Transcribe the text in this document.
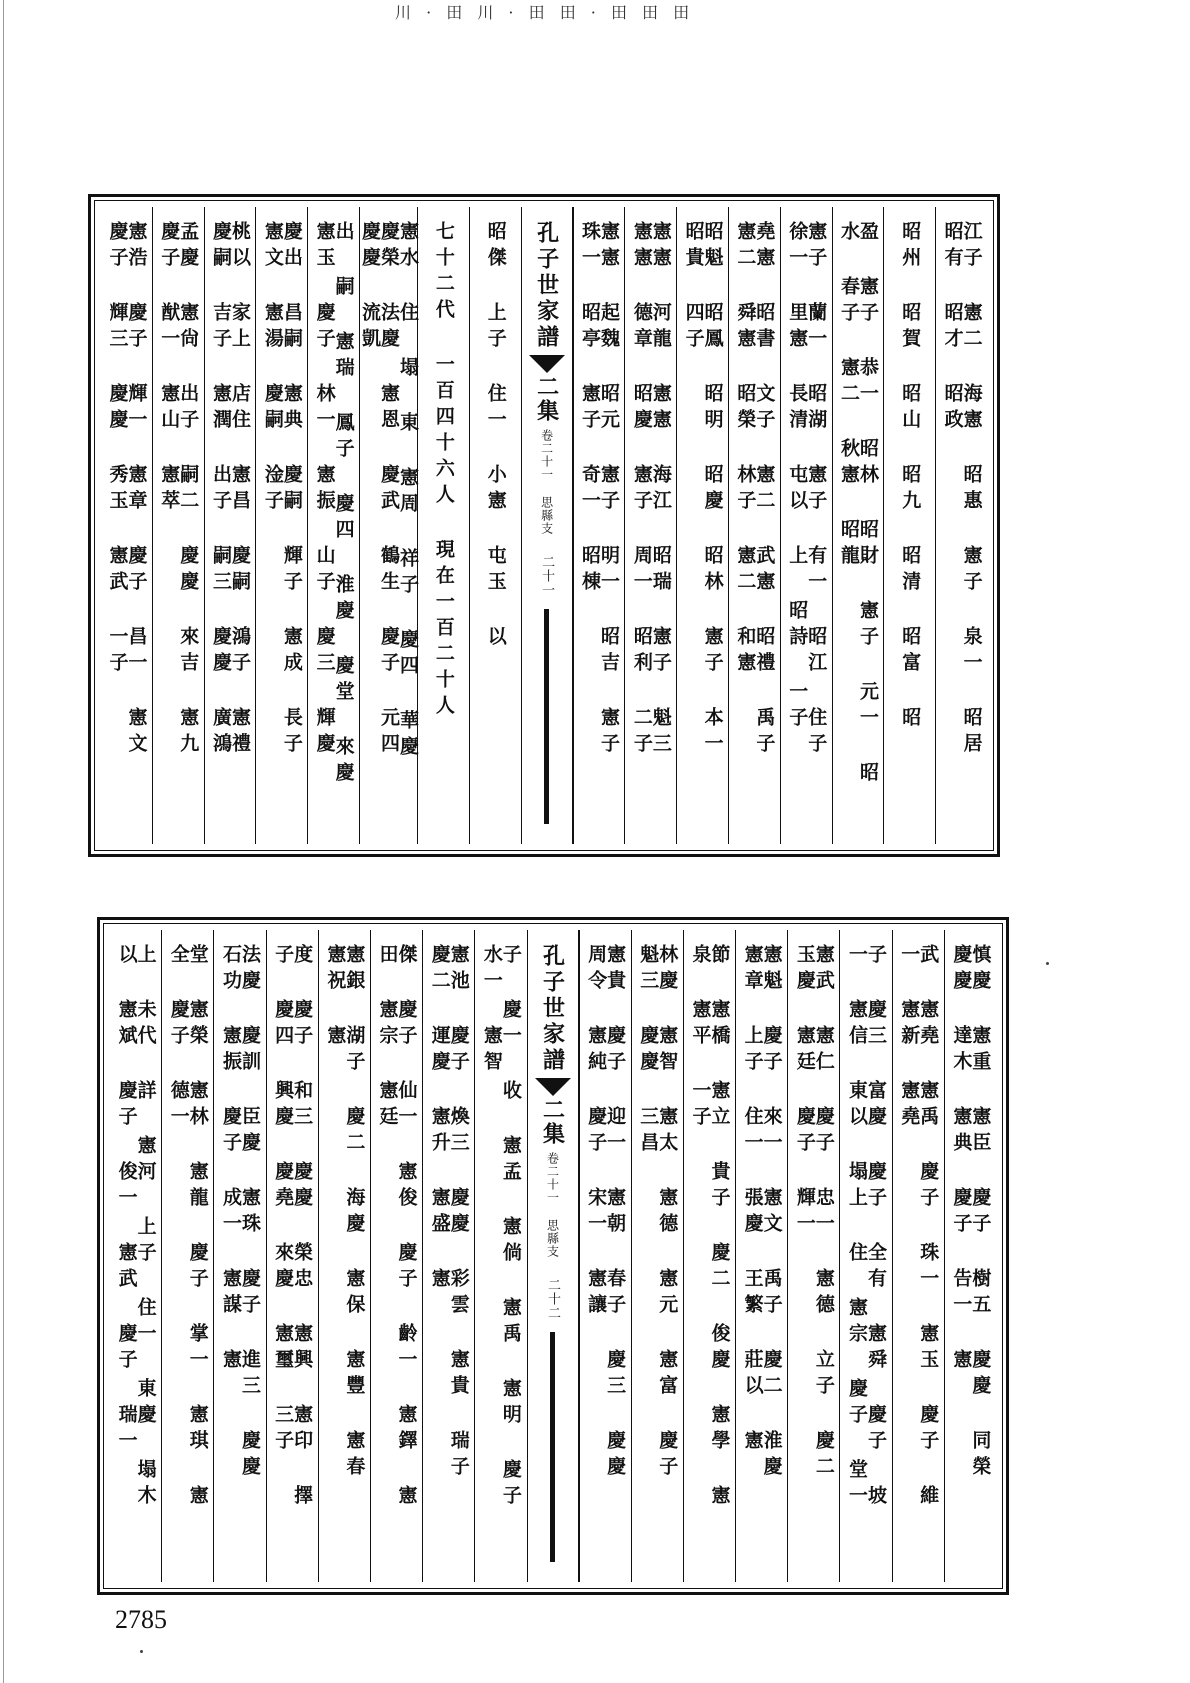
川 · 田 川 · 田 田 · 田 田 田
江子 憲二 海憲 昭惠 憲子 泉一 昭居 昭有 昭才 昭政
昭州 昭賀 昭山 昭九 昭清 昭富 昭
盈 憲子 恭一 昭林 昭財 憲子 元一 昭水 春子 憲二 秋憲 昭龍
憲子 蘭一 昭湖 憲子 有一 昭江 住子 徐一 里憲 長清 屯以 上 昭詩 一子
堯憲 昭書 文子 憲二 武憲 昭禮 禹子 憲二 舜憲 昭榮 林子 憲二 和憲
昭魁 昭鳳 昭明 昭慶 昭林 憲子 本一 昭貴 四子
憲憲 河龍 憲憲 海江 昭瑞 憲子 魁三 憲憲 德章 昭慶 憲子 周一 昭利 二子
憲憲 起魏 昭元 憲子 明一 昭吉 憲子 珠一 昭亭 憲子 奇一 昭棟
孔子世家譜
二集
卷二十一 思縣支
二十一
昭傑 上子 住一 小憲 屯玉 以
七十二代 一百四十六人 現在一百二十人
憲水 住 塌 東 憲周 祥子 慶四 華慶 慶榮 法慶 憲恩 慶武 鶴生 慶子 元四 慶慶 流凱
出 嗣 憲瑞 鳳子 慶四 淮慶 慶堂 來慶 憲玉 慶子 林一 憲振 山子 慶三 輝慶
慶出 昌嗣 憲典 慶嗣 輝子 憲成 長子 憲文 憲湯 慶嗣 淦子
桃以 家上 店住 憲昌 慶嗣 鴻子 憲禮 慶嗣 吉子 憲潤 出子 嗣三 慶慶 廣鴻
孟慶 憲尙 出子 嗣二 慶慶 來吉 憲九 慶子 猷一 憲山 憲萃
憲浩 慶子 輝一 憲章 慶子 昌一 憲文 慶子 輝三 慶慶 秀玉 憲武 一子
慎慶 憲重 憲臣 慶子 樹五 慶慶 同榮 慶慶 達木 憲典 慶子 告一 憲
武 憲堯 憲禹 慶子 珠一 憲玉 慶子 維一 憲新 憲堯
子 慶三 富慶 慶子 全有 憲舜 慶子 坡一 憲信 東以 塌上 住 憲宗 慶子 堂一
憲武 憲仁 慶子 忠一 憲德 立子 慶二 玉慶 憲廷 慶子 輝一
憲魁 慶子 來一 憲文 禹子 慶二 淮慶 憲章 上子 住一 張慶 王繁 莊以 憲
節 憲橋 憲立 貴子 慶二 俊慶 憲學 憲泉 憲平 一子
林慶 憲智 憲太 憲德 憲元 憲富 慶子 魁三 慶慶 三昌
憲貴 慶子 迎一 憲朝 春子 慶三 慶慶 周令 憲純 慶子 宋一 憲讓
孔子世家譜
二集
卷二十一 思縣支
二十二
子 慶一 收 憲孟 憲倘 憲禹 憲明 慶子 水一 憲智
憲池 慶子 煥三 慶慶 彩雲 憲貴 瑞子 慶二 運慶 憲升 憲盛 憲
傑 慶子 仙一 憲俊 慶子 齡一 憲鐸 憲田 憲宗 憲廷
憲銀 湖子 慶二 海慶 憲保 憲豐 憲春 憲祝 憲
度 慶子 和三 慶慶 榮忠 憲興 憲印 擇子 慶四 興慶 慶堯 來慶 憲璽 三子
法慶 慶訓 臣慶 憲珠 慶子 進三 慶慶 石功 憲振 慶子 成一 憲謀 憲
堂 憲榮 憲林 憲龍 慶子 掌一 憲琪 憲全 慶子 德一
上 未代 詳 憲河 上子 住一 東慶 塌木 以 憲斌 慶子 俊一 憲武 慶子 瑞一
2785
